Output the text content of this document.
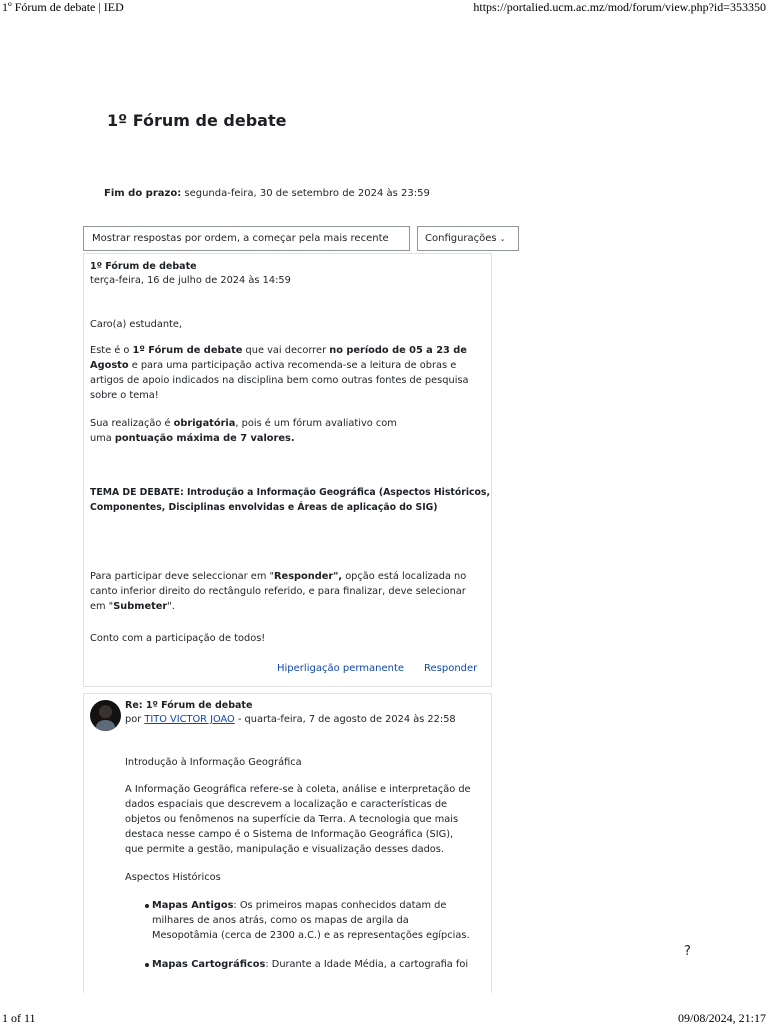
1º Fórum de debate | IED	https://portalied.ucm.ac.mz/mod/forum/view.php?id=353350
1º Fórum de debate
Fim do prazo: segunda-feira, 30 de setembro de 2024 às 23:59
Mostrar respostas por ordem, a começar pela mais recente	Configurações ⌄
1º Fórum de debate
terça-feira, 16 de julho de 2024 às 14:59
Caro(a) estudante,
Este é o 1º Fórum de debate que vai decorrer no período de 05 a 23 de
Agosto e para uma participação activa recomenda-se a leitura de obras e
artigos de apoio indicados na disciplina bem como outras fontes de pesquisa
sobre o tema!
Sua realização é obrigatória, pois é um fórum avaliativo com
uma pontuação máxima de 7 valores.
TEMA DE DEBATE: Introdução a Informação Geográfica (Aspectos Históricos,
Componentes, Disciplinas envolvidas e Áreas de aplicação do SIG)
Para participar deve seleccionar em "Responder", opção está localizada no
canto inferior direito do rectângulo referido, e para finalizar, deve selecionar
em "Submeter".
Conto com a participação de todos!
Hiperligação permanente Responder
Re: 1º Fórum de debate
por TITO VICTOR JOAO - quarta-feira, 7 de agosto de 2024 às 22:58
Introdução à Informação Geográfica
A Informação Geográfica refere-se à coleta, análise e interpretação de
dados espaciais que descrevem a localização e características de
objetos ou fenômenos na superfície da Terra. A tecnologia que mais
destaca nesse campo é o Sistema de Informação Geográfica (SIG),
que permite a gestão, manipulação e visualização desses dados.
Aspectos Históricos
Mapas Antigos: Os primeiros mapas conhecidos datam de
milhares de anos atrás, como os mapas de argila da
Mesopotâmia (cerca de 2300 a.C.) e as representações egípcias.
Mapas Cartográficos: Durante a Idade Média, a cartografia foi
?
1 of 11	09/08/2024, 21:17
